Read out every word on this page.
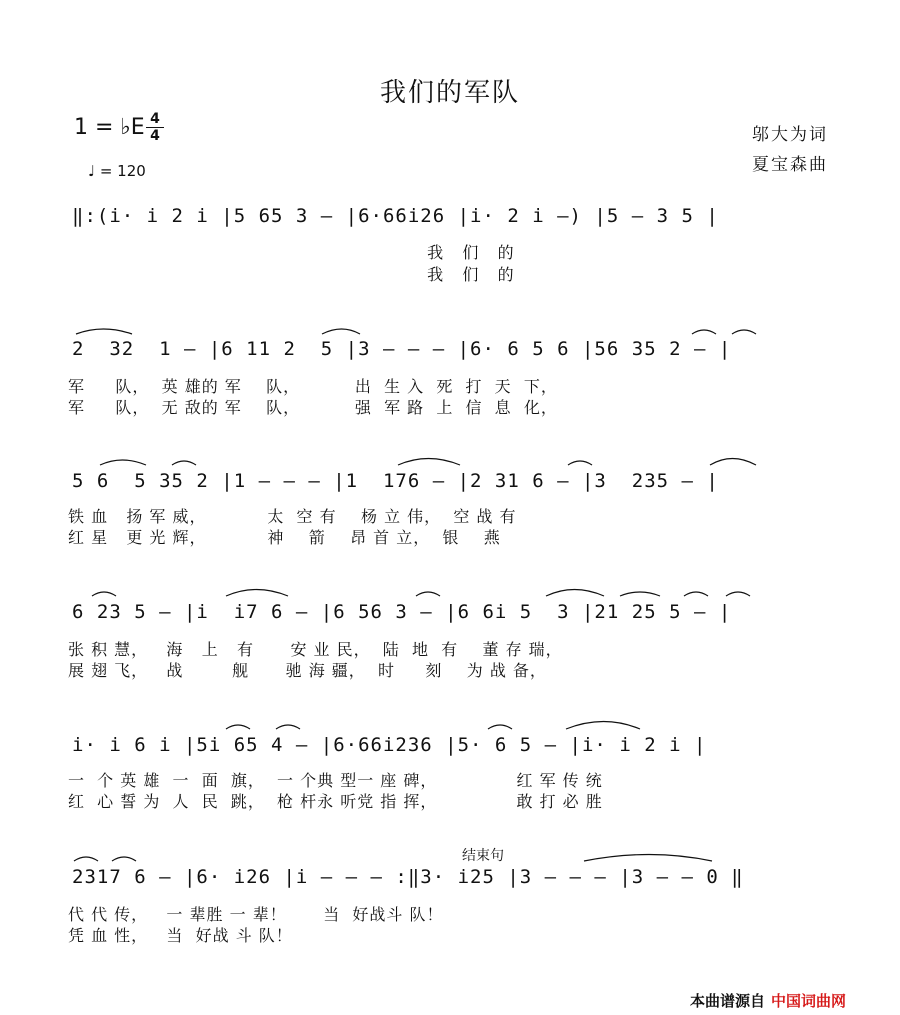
我们的军队
1 = ♭E 4
4
♩ = 120
邬大为词
夏宝森曲
‖:(i· i 2 i |5 65 3 – |6·66i26 |i· 2 i –) |5 – 3 5 |
我   们   的
我   们   的
2  32  1 – |6 11 2  5 |3 – – – |6· 6 5 6 |56 35 2 – |
军     队，  英 雄的 军    队，         出  生 入  死  打  天  下，
军     队，  无 敌的 军    队，         强  军 路  上  信  息  化，
5 6  5 35 2 |1 – – – |1  176 – |2 31 6 – |3  235 – |
铁 血   扬 军 威，          太  空 有    杨 立 伟，  空 战 有
红 星   更 光 辉，          神    箭    昂 首 立，  银    燕
6 23 5 – |i  i7 6 – |6 56 3 – |6 6i 5  3 |21 25 5 – |
张 积 慧，   海   上   有      安 业 民，  陆  地  有    董 存 瑞，
展 翅 飞，   战        舰      驰 海 疆，  时     刻    为 战 备，
i· i 6 i |5i 65 4 – |6·66i236 |5· 6 5 – |i· i 2 i |
一  个 英 雄  一  面  旗，  一 个典 型一 座 碑，             红 军 传 统
红  心 誓 为  人  民  跳，  枪 杆永 听党 指 挥，             敢 打 必 胜
结束句
2317 6 – |6· i26 |i – – – :‖3· i25 |3 – – – |3 – – 0 ‖
代 代 传，   一 辈胜 一 辈！      当  好战斗 队！
凭 血 性，   当  好战 斗 队！
本曲谱源自 中国词曲网
